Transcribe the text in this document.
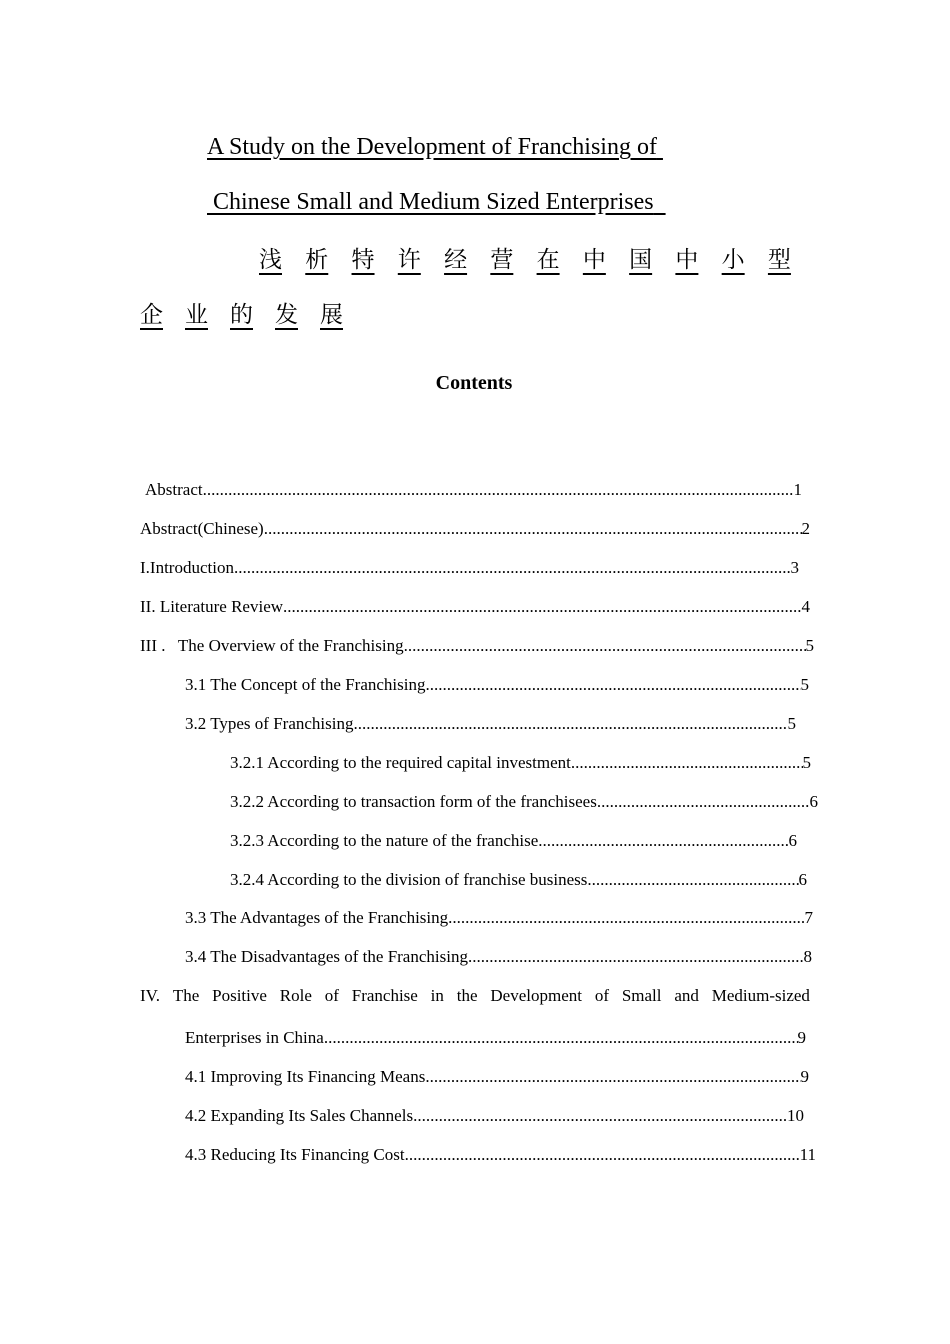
A Study on the Development of Franchising of
Chinese Small and Medium Sized Enterprises
浅 析 特 许 经 营 在 中 国 中 小 型
企 业 的 发 展
Contents
Abstract .....	1
Abstract(Chinese) .....	2
I.Introduction .....	3
II. Literature Review .....	4
III .   The Overview of the Franchising .....	5
3.1 The Concept of the Franchising .....	5
3.2 Types of Franchising .....	5
3.2.1 According to the required capital investment .....	5
3.2.2 According to transaction form of the franchisees .....	6
3.2.3 According to the nature of the franchise .....	6
3.2.4 According to the division of franchise business .....	6
3.3 The Advantages of the Franchising .....	7
3.4 The Disadvantages of the Franchising .....	8
IV. The Positive Role of Franchise in the Development of Small and Medium-sized
Enterprises in China .....	9
4.1 Improving Its Financing Means .....	9
4.2 Expanding Its Sales Channels .....	10
4.3 Reducing Its Financing Cost .....	11
